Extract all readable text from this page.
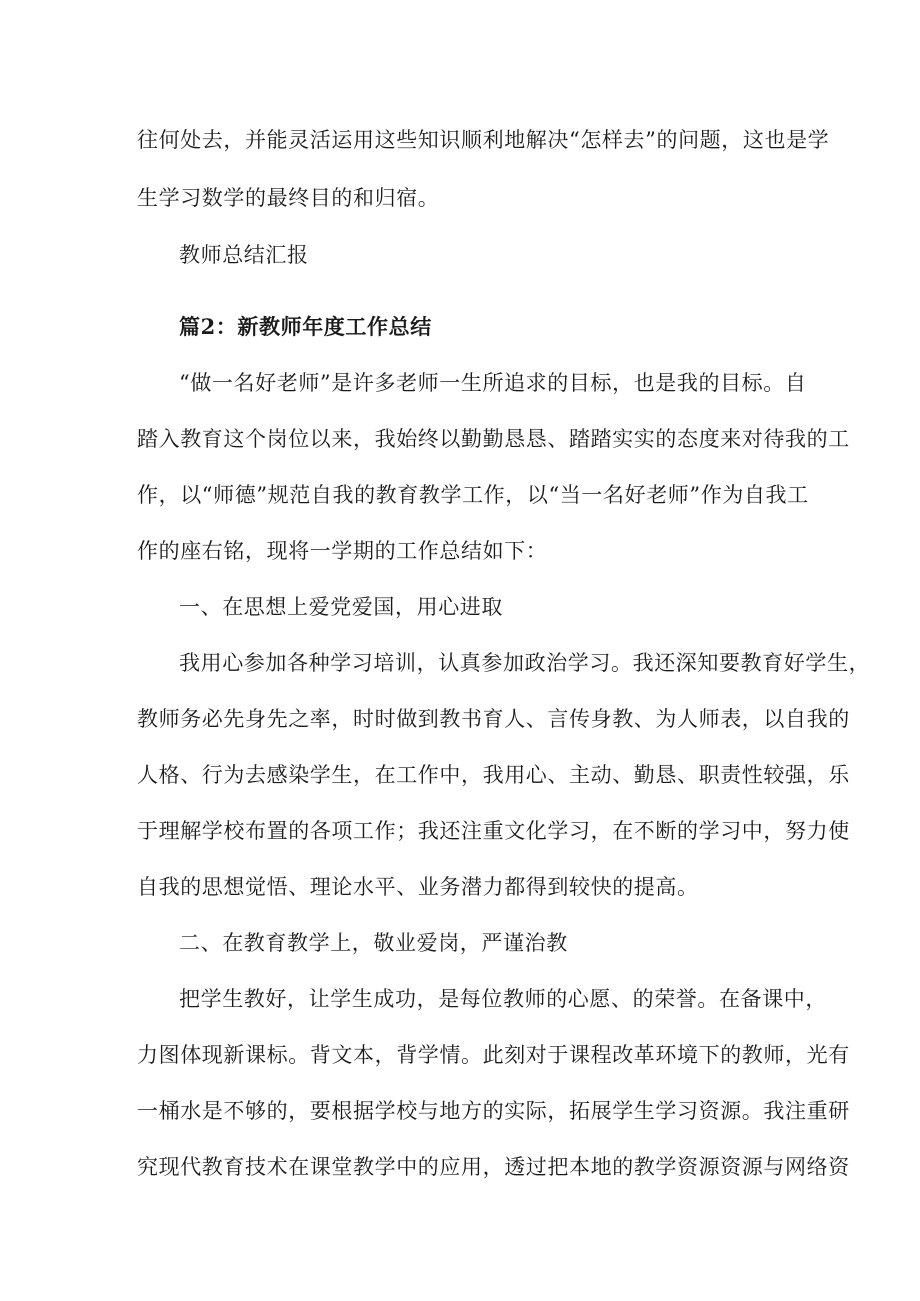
往何处去，并能灵活运用这些知识顺利地解决“怎样去”的问题，这也是学
生学习数学的最终目的和归宿。
教师总结汇报
篇2：新教师年度工作总结
“做一名好老师”是许多老师一生所追求的目标，也是我的目标。自
踏入教育这个岗位以来，我始终以勤勤恳恳、踏踏实实的态度来对待我的工
作，以“师德”规范自我的教育教学工作，以“当一名好老师”作为自我工
作的座右铭，现将一学期的工作总结如下：
一、在思想上爱党爱国，用心进取
我用心参加各种学习培训，认真参加政治学习。我还深知要教育好学生，
教师务必先身先之率，时时做到教书育人、言传身教、为人师表，以自我的
人格、行为去感染学生，在工作中，我用心、主动、勤恳、职责性较强，乐
于理解学校布置的各项工作；我还注重文化学习，在不断的学习中，努力使
自我的思想觉悟、理论水平、业务潜力都得到较快的提高。
二、在教育教学上，敬业爱岗，严谨治教
把学生教好，让学生成功，是每位教师的心愿、的荣誉。在备课中，
力图体现新课标。背文本，背学情。此刻对于课程改革环境下的教师，光有
一桶水是不够的，要根据学校与地方的实际，拓展学生学习资源。我注重研
究现代教育技术在课堂教学中的应用，透过把本地的教学资源资源与网络资
